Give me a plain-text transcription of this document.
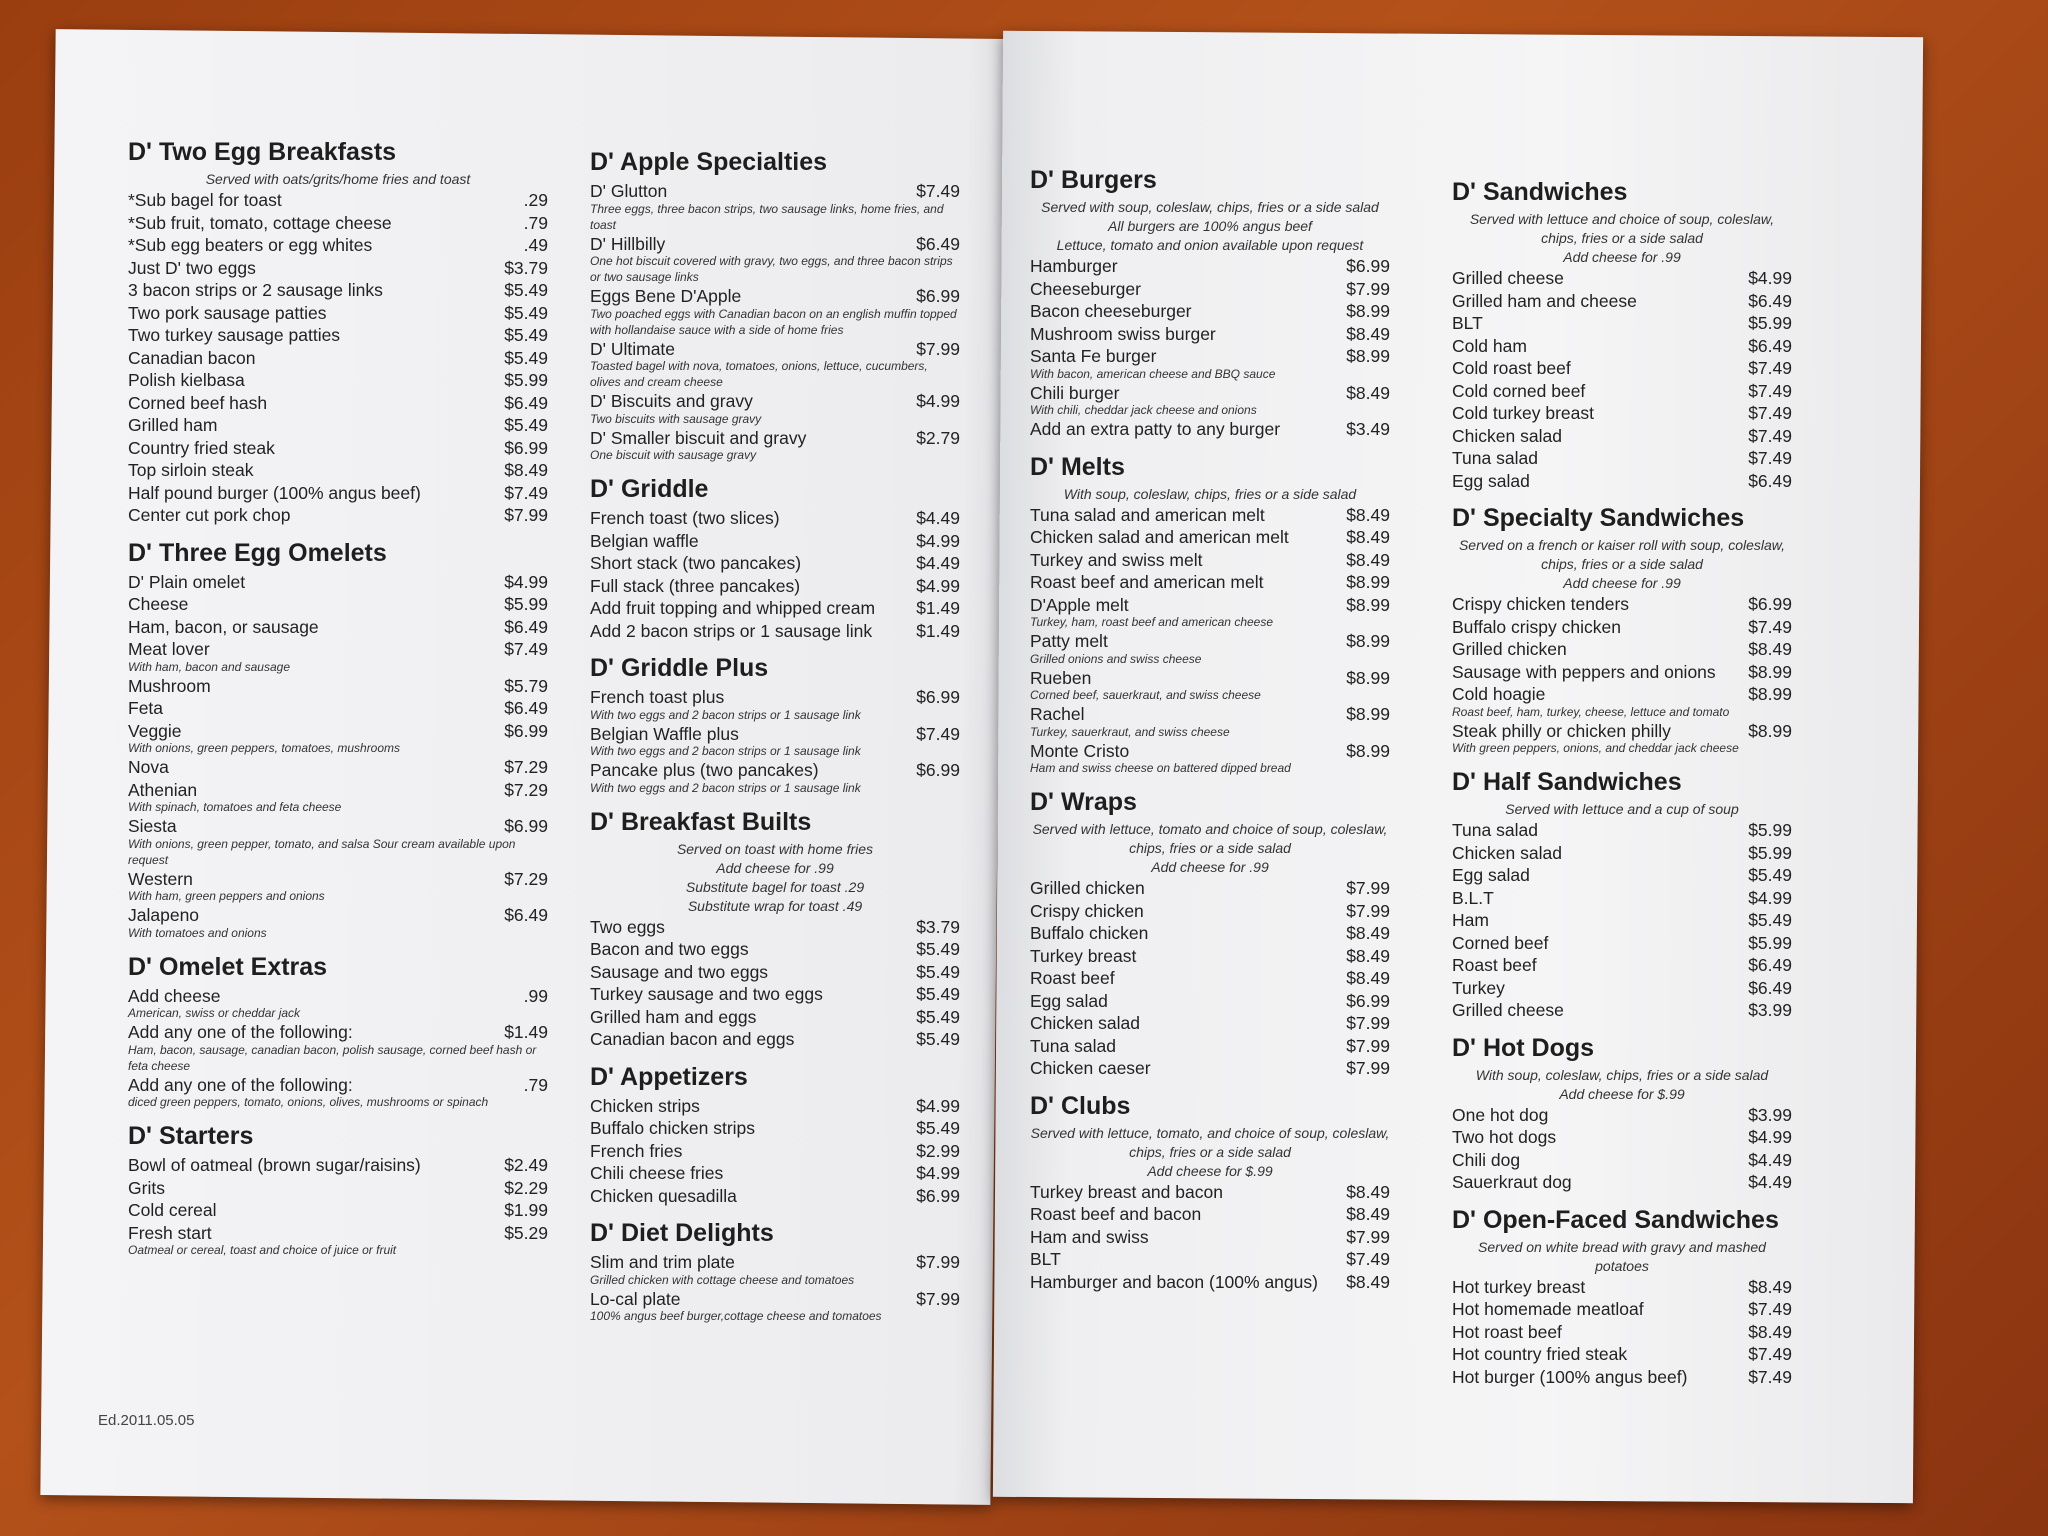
D' Two Egg Breakfasts
Served with oats/grits/home fries and toast
*Sub bagel for toast	.29
*Sub fruit, tomato, cottage cheese	.79
*Sub egg beaters or egg whites	.49
Just D' two eggs	$3.79
3 bacon strips or 2 sausage links	$5.49
Two pork sausage patties	$5.49
Two turkey sausage patties	$5.49
Canadian bacon	$5.49
Polish kielbasa	$5.99
Corned beef hash	$6.49
Grilled ham	$5.49
Country fried steak	$6.99
Top sirloin steak	$8.49
Half pound burger (100% angus beef)	$7.49
Center cut pork chop	$7.99
D' Three Egg Omelets
D' Plain omelet	$4.99
Cheese	$5.99
Ham, bacon, or sausage	$6.49
Meat lover	$7.49
With ham, bacon and sausage
Mushroom	$5.79
Feta	$6.49
Veggie	$6.99
With onions, green peppers, tomatoes, mushrooms
Nova	$7.29
Athenian	$7.29
With spinach, tomatoes and feta cheese
Siesta	$6.99
With onions, green pepper, tomato, and salsa Sour cream available upon request
Western	$7.29
With ham, green peppers and onions
Jalapeno	$6.49
With tomatoes and onions
D' Omelet Extras
Add cheese	.99
American, swiss or cheddar jack
Add any one of the following:	$1.49
Ham, bacon, sausage, canadian bacon, polish sausage, corned beef hash or feta cheese
Add any one of the following:	.79
diced green peppers, tomato, onions, olives, mushrooms or spinach
D' Starters
Bowl of oatmeal (brown sugar/raisins)	$2.49
Grits	$2.29
Cold cereal	$1.99
Fresh start	$5.29
Oatmeal or cereal, toast and choice of juice or fruit
D' Apple Specialties
D' Glutton	$7.49
Three eggs, three bacon strips, two sausage links, home fries, and toast
D' Hillbilly	$6.49
One hot biscuit covered with gravy, two eggs, and three bacon strips or two sausage links
Eggs Bene D'Apple	$6.99
Two poached eggs with Canadian bacon on an english muffin topped with hollandaise sauce with a side of home fries
D' Ultimate	$7.99
Toasted bagel with nova, tomatoes, onions, lettuce, cucumbers, olives and cream cheese
D' Biscuits and gravy	$4.99
Two biscuits with sausage gravy
D' Smaller biscuit and gravy	$2.79
One biscuit with sausage gravy
D' Griddle
French toast (two slices)	$4.49
Belgian waffle	$4.99
Short stack (two pancakes)	$4.49
Full stack (three pancakes)	$4.99
Add fruit topping and whipped cream	$1.49
Add 2 bacon strips or 1 sausage link	$1.49
D' Griddle Plus
French toast plus	$6.99
With two eggs and 2 bacon strips or 1 sausage link
Belgian Waffle plus	$7.49
With two eggs and 2 bacon strips or 1 sausage link
Pancake plus (two pancakes)	$6.99
With two eggs and 2 bacon strips or 1 sausage link
D' Breakfast Builts
Served on toast with home fries
Add cheese for .99
Substitute bagel for toast .29
Substitute wrap for toast .49
Two eggs	$3.79
Bacon and two eggs	$5.49
Sausage and two eggs	$5.49
Turkey sausage and two eggs	$5.49
Grilled ham and eggs	$5.49
Canadian bacon and eggs	$5.49
D' Appetizers
Chicken strips	$4.99
Buffalo chicken strips	$5.49
French fries	$2.99
Chili cheese fries	$4.99
Chicken quesadilla	$6.99
D' Diet Delights
Slim and trim plate	$7.99
Grilled chicken with cottage cheese and tomatoes
Lo-cal plate	$7.99
100% angus beef burger,cottage cheese and tomatoes
D' Burgers
Served with soup, coleslaw, chips, fries or a side salad
All burgers are 100% angus beef
Lettuce, tomato and onion available upon request
Hamburger	$6.99
Cheeseburger	$7.99
Bacon cheeseburger	$8.99
Mushroom swiss burger	$8.49
Santa Fe burger	$8.99
With bacon, american cheese and BBQ sauce
Chili burger	$8.49
With chili, cheddar jack cheese and onions
Add an extra patty to any burger	$3.49
D' Melts
With soup, coleslaw, chips, fries or a side salad
Tuna salad and american melt	$8.49
Chicken salad and american melt	$8.49
Turkey and swiss melt	$8.49
Roast beef and american melt	$8.99
D'Apple melt	$8.99
Turkey, ham, roast beef and american cheese
Patty melt	$8.99
Grilled onions and swiss cheese
Rueben	$8.99
Corned beef, sauerkraut, and swiss cheese
Rachel	$8.99
Turkey, sauerkraut, and swiss cheese
Monte Cristo	$8.99
Ham and swiss cheese on battered dipped bread
D' Wraps
Served with lettuce, tomato and choice of soup, coleslaw, chips, fries or a side salad
Add cheese for .99
Grilled chicken	$7.99
Crispy chicken	$7.99
Buffalo chicken	$8.49
Turkey breast	$8.49
Roast beef	$8.49
Egg salad	$6.99
Chicken salad	$7.99
Tuna salad	$7.99
Chicken caeser	$7.99
D' Clubs
Served with lettuce, tomato, and choice of soup, coleslaw, chips, fries or a side salad
Add cheese for $.99
Turkey breast and bacon	$8.49
Roast beef and bacon	$8.49
Ham and swiss	$7.99
BLT	$7.49
Hamburger and bacon (100% angus)	$8.49
D' Sandwiches
Served with lettuce and choice of soup, coleslaw, chips, fries or a side salad
Add cheese for .99
Grilled cheese	$4.99
Grilled ham and cheese	$6.49
BLT	$5.99
Cold ham	$6.49
Cold roast beef	$7.49
Cold corned beef	$7.49
Cold turkey breast	$7.49
Chicken salad	$7.49
Tuna salad	$7.49
Egg salad	$6.49
D' Specialty Sandwiches
Served on a french or kaiser roll with soup, coleslaw, chips, fries or a side salad
Add cheese for .99
Crispy chicken tenders	$6.99
Buffalo crispy chicken	$7.49
Grilled chicken	$8.49
Sausage with peppers and onions	$8.99
Cold hoagie	$8.99
Roast beef, ham, turkey, cheese, lettuce and tomato
Steak philly or chicken philly	$8.99
With green peppers, onions, and cheddar jack cheese
D' Half Sandwiches
Served with lettuce and a cup of soup
Tuna salad	$5.99
Chicken salad	$5.99
Egg salad	$5.49
B.L.T	$4.99
Ham	$5.49
Corned beef	$5.99
Roast beef	$6.49
Turkey	$6.49
Grilled cheese	$3.99
D' Hot Dogs
With soup, coleslaw, chips, fries or a side salad
Add cheese for $.99
One hot dog	$3.99
Two hot dogs	$4.99
Chili dog	$4.49
Sauerkraut dog	$4.49
D' Open-Faced Sandwiches
Served on white bread with gravy and mashed potatoes
Hot turkey breast	$8.49
Hot homemade meatloaf	$7.49
Hot roast beef	$8.49
Hot country fried steak	$7.49
Hot burger (100% angus beef)	$7.49
Ed.2011.05.05
